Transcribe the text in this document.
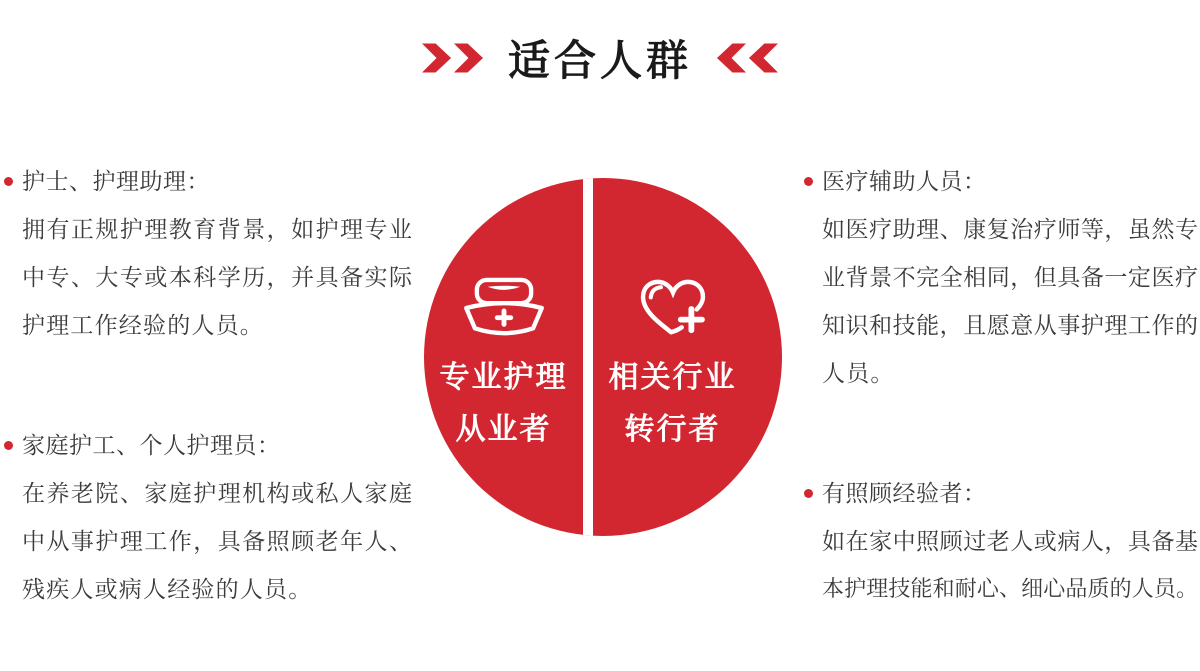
适合人群
护士、护理助理：
拥有正规护理教育背景，如护理专业
中专、大专或本科学历，并具备实际
护理工作经验的人员。
家庭护工、个人护理员：
在养老院、家庭护理机构或私人家庭
中从事护理工作，具备照顾老年人、
残疾人或病人经验的人员。
专业护理
从业者
相关行业
转行者
医疗辅助人员：
如医疗助理、康复治疗师等，虽然专
业背景不完全相同，但具备一定医疗
知识和技能，且愿意从事护理工作的
人员。
有照顾经验者：
如在家中照顾过老人或病人，具备基
本护理技能和耐心、细心品质的人员。
